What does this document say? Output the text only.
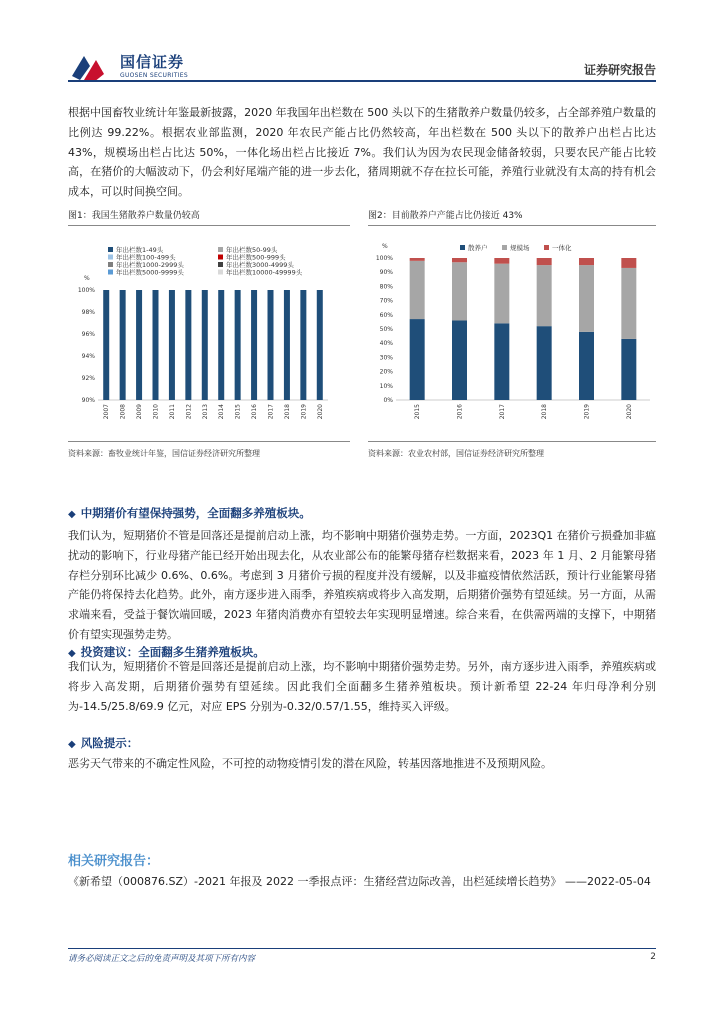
国信证券
GUOSEN SECURITIES	证券研究报告

根据中国畜牧业统计年鉴最新披露，2020 年我国年出栏数在 500 头以下的生猪散养户数量仍较多，占全部养殖户数量的比例达 99.22%。根据农业部监测，2020 年农民产能占比仍然较高，年出栏数在 500 头以下的散养户出栏占比达 43%，规模场出栏占比达 50%，一体化场出栏占比接近 7%。我们认为因为农民现金储备较弱，只要农民产能占比较高，在猪价的大幅波动下，仍会利好尾端产能的进一步去化，猪周期就不存在拉长可能，养殖行业就没有太高的持有机会成本，可以时间换空间。

图1：我国生猪散养户数量仍较高	图2：目前散养户产能占比仍接近 43%
%
90%
92%
94%
96%
98%
100%
2007 2008 2009 2010 2011 2012 2013 2014 2015 2016 2017 2018 2019 2020
年出栏数1-49头	年出栏数50-99头
年出栏数100-499头	年出栏数500-999头
年出栏数1000-2999头	年出栏数3000-4999头
年出栏数5000-9999头	年出栏数10000-49999头
%
0%
10%
20%
30%
40%
50%
60%
70%
80%
90%
100%
2015	2016	2017	2018	2019	2020
散养户	规模场	一体化
资料来源：畜牧业统计年鉴，国信证券经济研究所整理	资料来源：农业农村部，国信证券经济研究所整理
◆ 中期猪价有望保持强势，全面翻多养殖板块。

我们认为，短期猪价不管是回落还是提前启动上涨，均不影响中期猪价强势走势。一方面，2023Q1 在猪价亏损叠加非瘟扰动的影响下，行业母猪产能已经开始出现去化，从农业部公布的能繁母猪存栏数据来看，2023 年 1 月、2 月能繁母猪存栏分别环比减少 0.6%、0.6%。考虑到 3 月猪价亏损的程度并没有缓解，以及非瘟疫情依然活跃，预计行业能繁母猪产能仍将保持去化趋势。此外，南方逐步进入雨季，养殖疾病或将步入高发期，后期猪价强势有望延续。另一方面，从需求端来看，受益于餐饮端回暖，2023 年猪肉消费亦有望较去年实现明显增速。综合来看，在供需两端的支撑下，中期猪价有望实现强势走势。

◆ 投资建议：全面翻多生猪养殖板块。

我们认为，短期猪价不管是回落还是提前启动上涨，均不影响中期猪价强势走势。另外，南方逐步进入雨季，养殖疾病或将步入高发期，后期猪价强势有望延续。因此我们全面翻多生猪养殖板块。预计新希望 22-24 年归母净利分别为-14.5/25.8/69.9 亿元，对应 EPS 分别为-0.32/0.57/1.55，维持买入评级。

◆ 风险提示：

恶劣天气带来的不确定性风险，不可控的动物疫情引发的潜在风险，转基因落地推进不及预期风险。

相关研究报告：

《新希望（000876.SZ）-2021 年报及 2022 一季报点评：生猪经营边际改善，出栏延续增长趋势》 ——2022-05-04

请务必阅读正文之后的免责声明及其项下所有内容	2
